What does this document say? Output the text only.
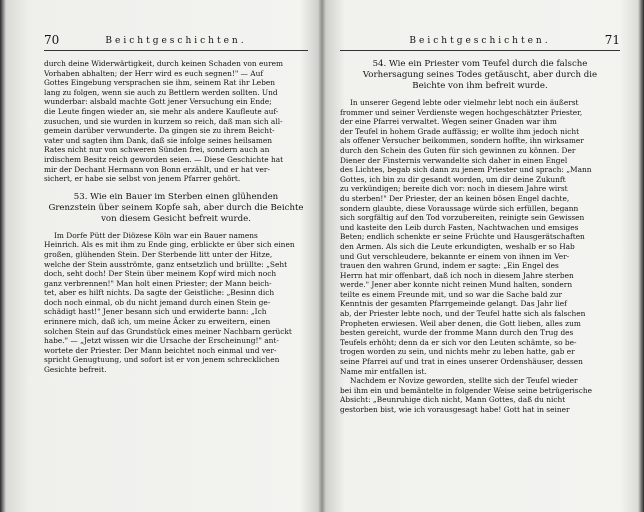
70	Beichtgeschichten.
durch deine Widerwärtigkeit, durch keinen Schaden von eurem
Vorhaben abhalten; der Herr wird es euch segnen!" — Auf
Gottes Eingebung versprachen sie ihm, seinem Rat ihr Leben
lang zu folgen, wenn sie auch zu Bettlern werden sollten. Und
wunderbar: alsbald machte Gott jener Versuchung ein Ende;
die Leute fingen wieder an, sie mehr als andere Kaufleute auf-
zusuchen, und sie wurden in kurzem so reich, daß man sich all-
gemein darüber verwunderte. Da gingen sie zu ihrem Beicht-
vater und sagten ihm Dank, daß sie infolge seines heilsamen
Rates nicht nur von schweren Sünden frei, sondern auch an
irdischem Besitz reich geworden seien. — Diese Geschichte hat
mir der Dechant Hermann von Bonn erzählt, und er hat ver-
sichert, er habe sie selbst von jenem Pfarrer gehört.
53. Wie ein Bauer im Sterben einen glühenden
Grenzstein über seinem Kopfe sah, aber durch die Beichte
von diesem Gesicht befreit wurde.
Im Dorfe Pütt der Diözese Köln war ein Bauer namens
Heinrich. Als es mit ihm zu Ende ging, erblickte er über sich einen
großen, glühenden Stein. Der Sterbende litt unter der Hitze,
welche der Stein ausströmte, ganz entsetzlich und brüllte: „Seht
doch, seht doch! Der Stein über meinem Kopf wird mich noch
ganz verbrennen!" Man holt einen Priester; der Mann beich-
tet, aber es hilft nichts. Da sagte der Geistliche: „Besinn dich
doch noch einmal, ob du nicht jemand durch einen Stein ge-
schädigt hast!" Jener besann sich und erwiderte bann: „Ich
erinnere mich, daß ich, um meine Äcker zu erweitern, einen
solchen Stein auf das Grundstück eines meiner Nachbarn gerückt
habe." — „Jetzt wissen wir die Ursache der Erscheinung!" ant-
wortete der Priester. Der Mann beichtet noch einmal und ver-
spricht Genugtuung, und sofort ist er von jenem schrecklichen
Gesichte befreit.
Beichtgeschichten.	71
54. Wie ein Priester vom Teufel durch die falsche
Vorhersagung seines Todes getäuscht, aber durch die
Beichte von ihm befreit wurde.
In unserer Gegend lebte oder vielmehr lebt noch ein äußerst
frommer und seiner Verdienste wegen hochgeschätzter Priester,
der eine Pfarrei verwaltet. Wegen seiner Gnaden war ihm
der Teufel in hohem Grade auffässig; er wollte ihm jedoch nicht
als offener Versucher beikommen, sondern hoffte, ihn wirksamer
durch den Schein des Guten für sich gewinnen zu können. Der
Diener der Finsternis verwandelte sich daher in einen Engel
des Lichtes, begab sich dann zu jenem Priester und sprach: „Mann
Gottes, ich bin zu dir gesandt worden, um dir deine Zukunft
zu verkündigen; bereite dich vor: noch in diesem Jahre wirst
du sterben!" Der Priester, der an keinen bösen Engel dachte,
sondern glaubte, diese Voraussage würde sich erfüllen, begann
sich sorgfältig auf den Tod vorzubereiten, reinigte sein Gewissen
und kasteite den Leib durch Fasten, Nachtwachen und emsiges
Beten; endlich schenkte er seine Früchte und Hausgerätschaften
den Armen. Als sich die Leute erkundigten, weshalb er so Hab
und Gut verschleudere, bekannte er einem von ihnen im Ver-
trauen den wahren Grund, indem er sagte: „Ein Engel des
Herrn hat mir offenbart, daß ich noch in diesem Jahre sterben
werde." Jener aber konnte nicht reinen Mund halten, sondern
teilte es einem Freunde mit, und so war die Sache bald zur
Kenntnis der gesamten Pfarrgemeinde gelangt. Das Jahr lief
ab, der Priester lebte noch, und der Teufel hatte sich als falschen
Propheten erwiesen. Weil aber denen, die Gott lieben, alles zum
besten gereicht, wurde der fromme Mann durch den Trug des
Teufels erhöht; denn da er sich vor den Leuten schämte, so be-
trogen worden zu sein, und nichts mehr zu leben hatte, gab er
seine Pfarrei auf und trat in eines unserer Ordenshäuser, dessen
Name mir entfallen ist.
Nachdem er Novize geworden, stellte sich der Teufel wieder
bei ihm ein und bemäntelte in folgender Weise seine betrügerische
Absicht: „Beunruhige dich nicht, Mann Gottes, daß du nicht
gestorben bist, wie ich vorausgesagt habe! Gott hat in seiner
